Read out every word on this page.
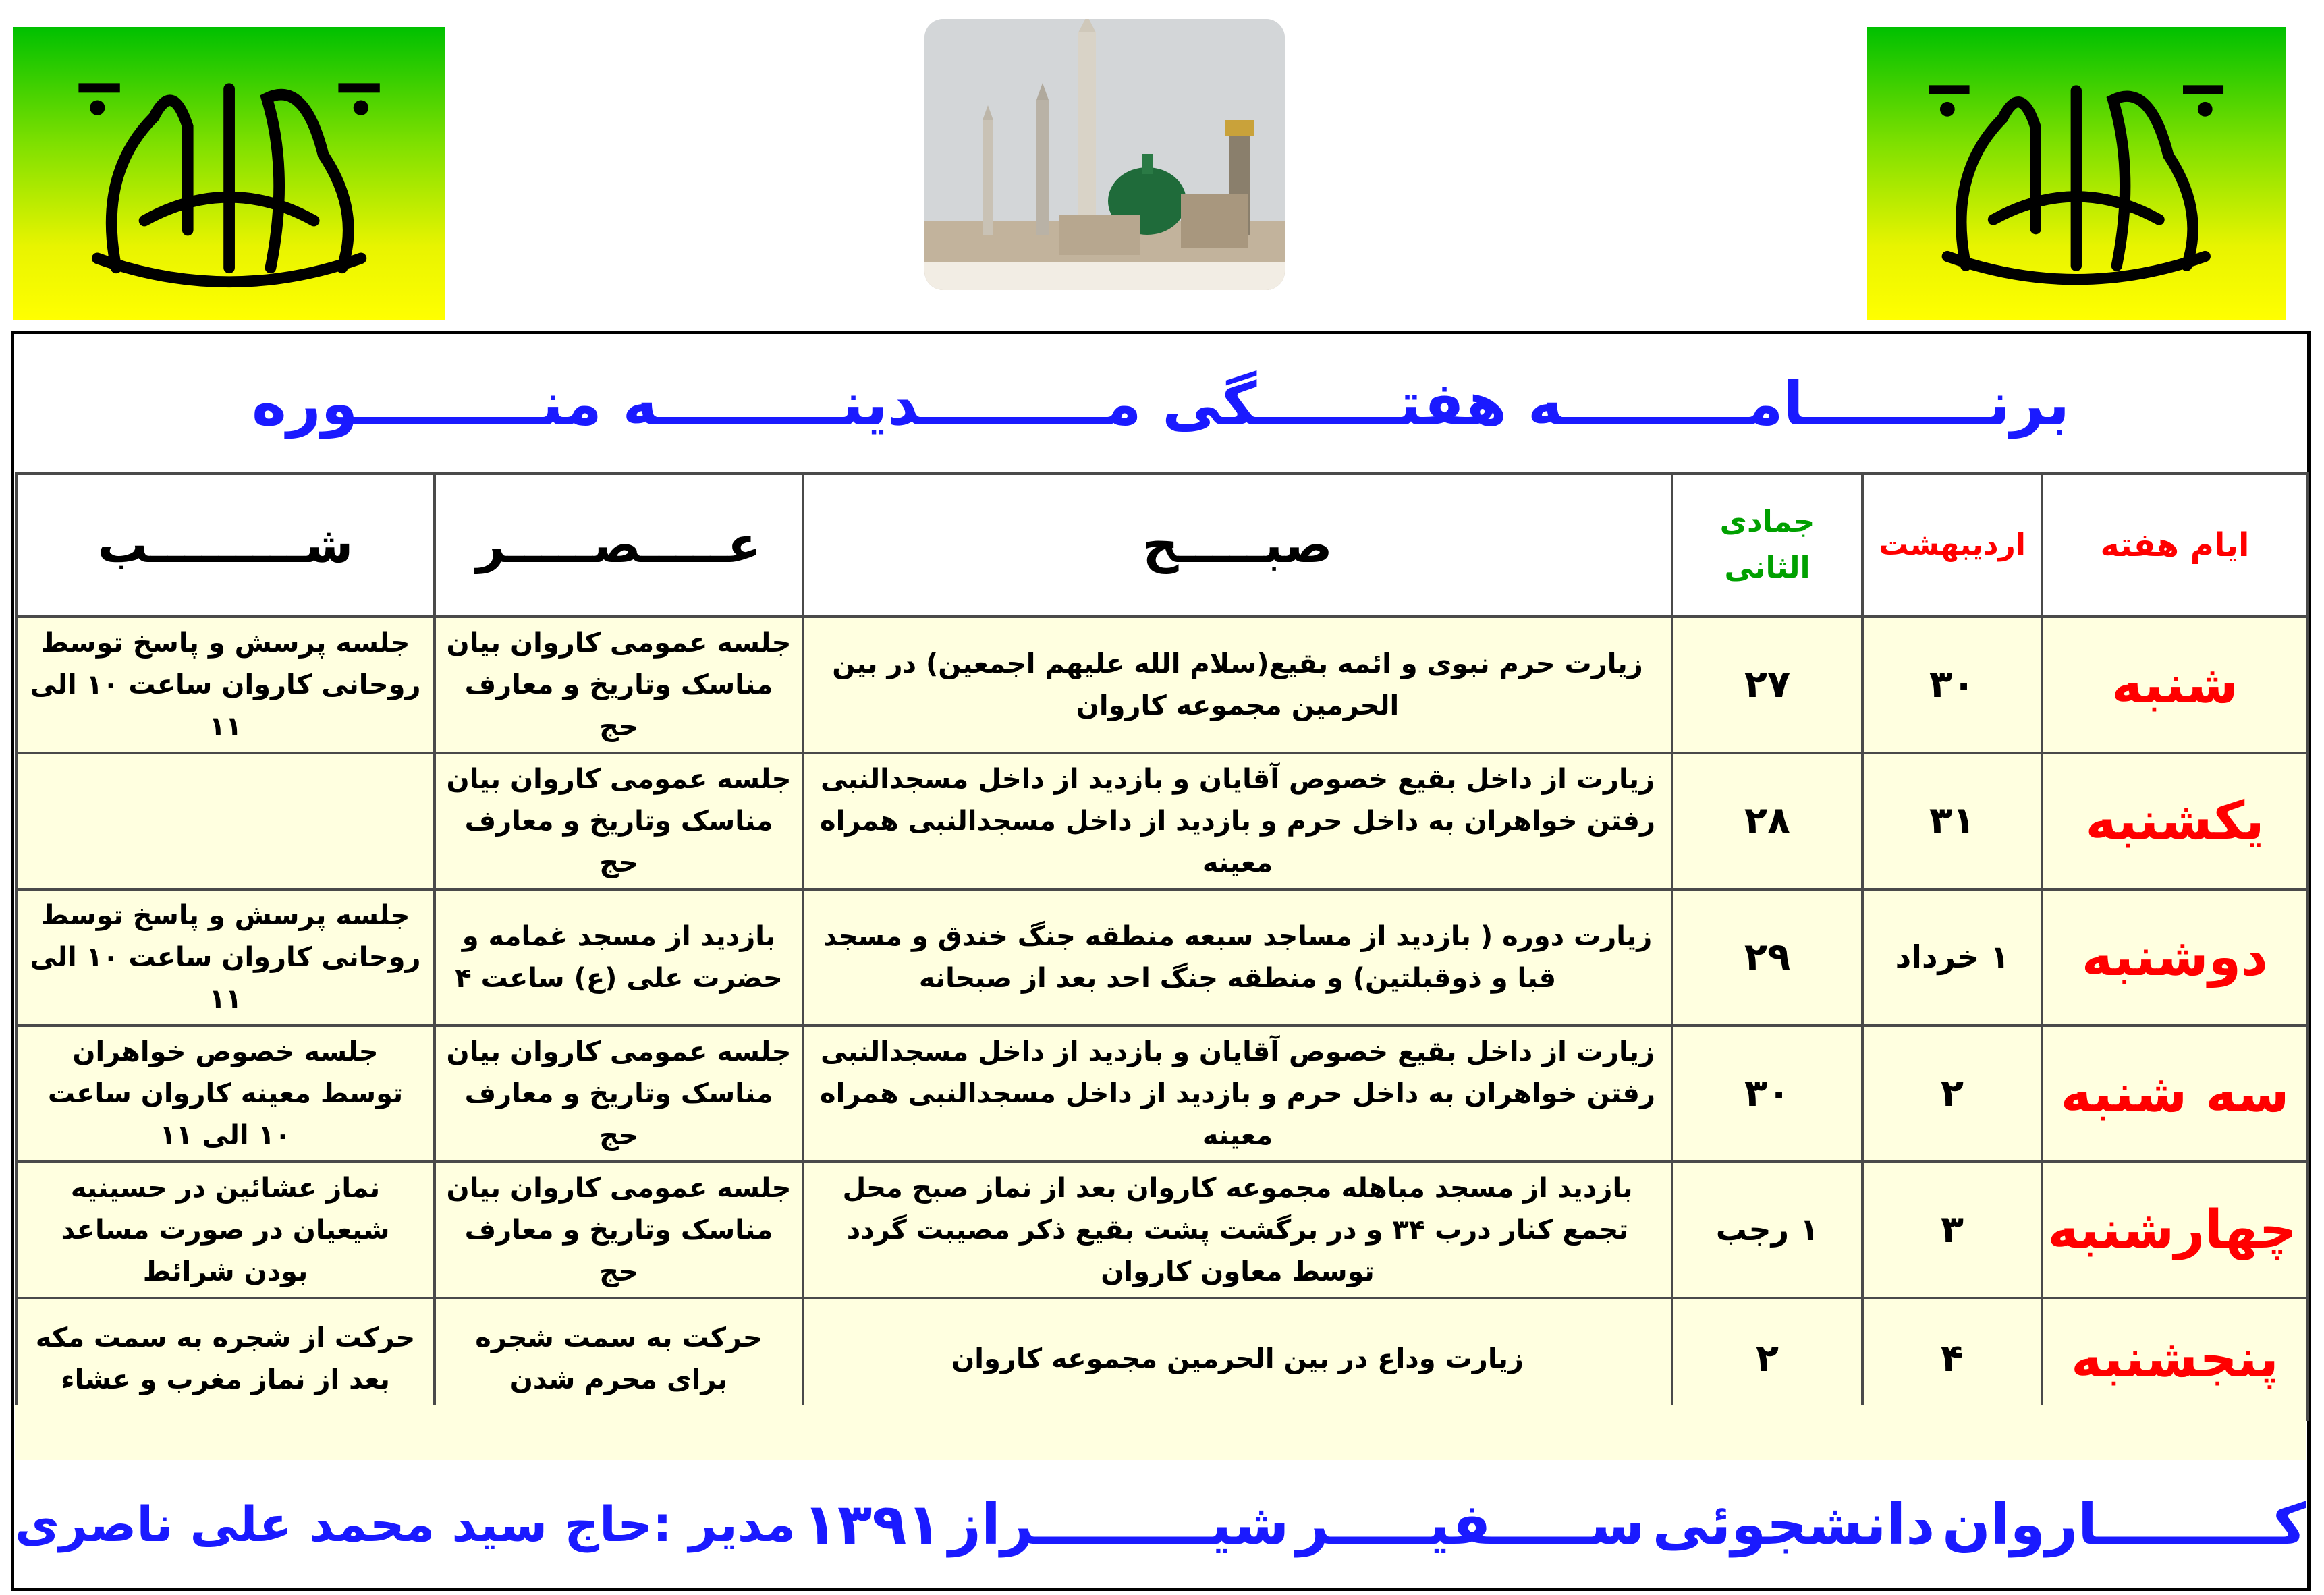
برنـــــــــامـــــــــه هفتـــــــگی مـــــــــدینـــــــــه منـــــــــوره
ایام هفته	اردیبهشت	جمادی الثانی	صبـــــح	عـــــصـــــر	شـــــــــب
شنبه	۳۰	۲۷	زیارت حرم نبوی و ائمه بقیع(سلام الله علیهم اجمعین) در بین الحرمین مجموعه کاروان	جلسه عمومی کاروان بیان مناسک وتاریخ و معارف حج	جلسه پرسش و پاسخ توسط روحانی کاروان ساعت ۱۰ الی ۱۱
یکشنبه	۳۱	۲۸	زیارت از داخل بقیع خصوص آقایان و بازدید از داخل مسجدالنبی رفتن خواهران به داخل حرم و بازدید از داخل مسجدالنبی همراه معینه	جلسه عمومی کاروان بیان مناسک وتاریخ و معارف حج	
دوشنبه	۱ خرداد	۲۹	زیارت دوره ( بازدید از مساجد سبعه منطقه جنگ خندق و مسجد قبا و ذوقبلتین) و منطقه جنگ احد بعد از صبحانه	بازدید از مسجد غمامه و حضرت علی (ع) ساعت ۴	جلسه پرسش و پاسخ توسط روحانی کاروان ساعت ۱۰ الی ۱۱
سه شنبه	۲	۳۰	زیارت از داخل بقیع خصوص آقایان و بازدید از داخل مسجدالنبی رفتن خواهران به داخل حرم و بازدید از داخل مسجدالنبی همراه معینه	جلسه عمومی کاروان بیان مناسک وتاریخ و معارف حج	جلسه خصوص خواهران توسط معینه کاروان ساعت ۱۰ الی ۱۱
چهارشنبه	۳	۱ رجب	بازدید از مسجد مباهله مجموعه کاروان بعد از نماز صبح محل تجمع کنار درب ۳۴ و در برگشت پشت بقیع ذکر مصیبت گردد توسط معاون کاروان	جلسه عمومی کاروان بیان مناسک وتاریخ و معارف حج	نماز عشائین در حسینیه شیعیان در صورت مساعد بودن شرائط
پنجشنبه	۴	۲	زیارت وداع در بین الحرمین مجموعه کاروان	حرکت به سمت شجره برای محرم شدن	حرکت از شجره به سمت مکه بعد از نماز مغرب و عشاء
کـــــــــاروان
دانشجوئی
ســـــفیـــــر
شیـــــــــراز
۱۳۹۱
مدیر :حاج سید محمد علی ناصری
